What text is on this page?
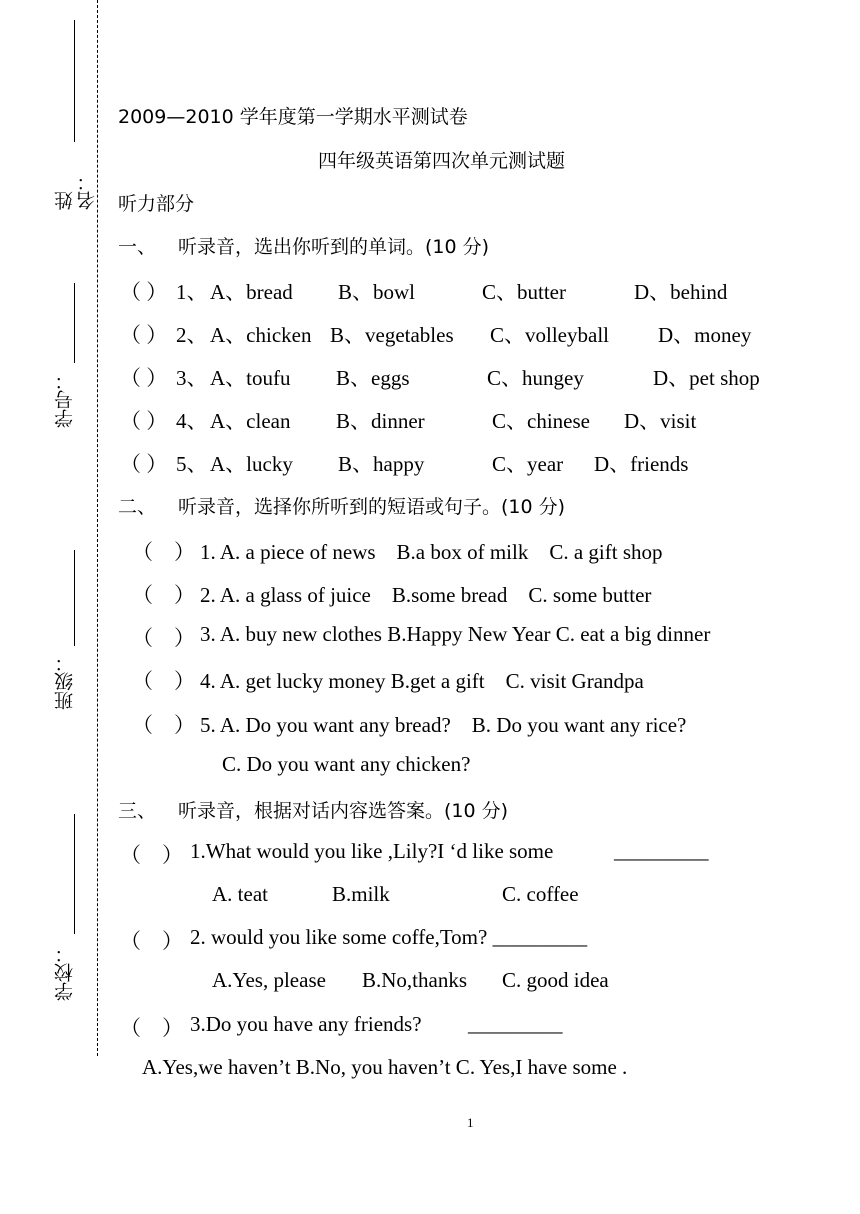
姓名：
学号：
班级：
学校：
2009—2010 学年度第一学期水平测试卷
四年级英语第四次单元测试题
听力部分
一、 听录音，选出你听到的单词。(10 分)
（ ） 1、 A、bread B、bowl	C、butter	D、behind
（ ） 2、 A、chicken B、vegetables C、volleyball D、money
（ ） 3、 A、toufu B、eggs	C、hungey	D、pet shop
（ ） 4、 A、clean B、dinner	C、chinese D、visit
（ ） 5、 A、lucky B、happy	C、year D、friends
二、 听录音，选择你所听到的短语或句子。(10 分)
（　） 1. A. a piece of news　B.a box of milk　C. a gift shop
（　） 2. A. a glass of juice　B.some bread　C. some butter
（　） 3. A. buy new clothes B.Happy New Year C. eat a big dinner
（　） 4. A. get lucky money B.get a gift　C. visit Grandpa
（　） 5. A. Do you want any bread?　B. Do you want any rice?
C. Do you want any chicken?
三、 听录音，根据对话内容选答案。(10 分)
（　） 1.What would you like ,Lily?I ‘d like some	_________
A. teat	B.milk	C. coffee
（　） 2. would you like some coffe,Tom? _________
A.Yes, please B.No,thanks C. good idea
（　） 3.Do you have any friends? _________
A.Yes,we haven’t B.No, you haven’t C. Yes,I have some .
1
